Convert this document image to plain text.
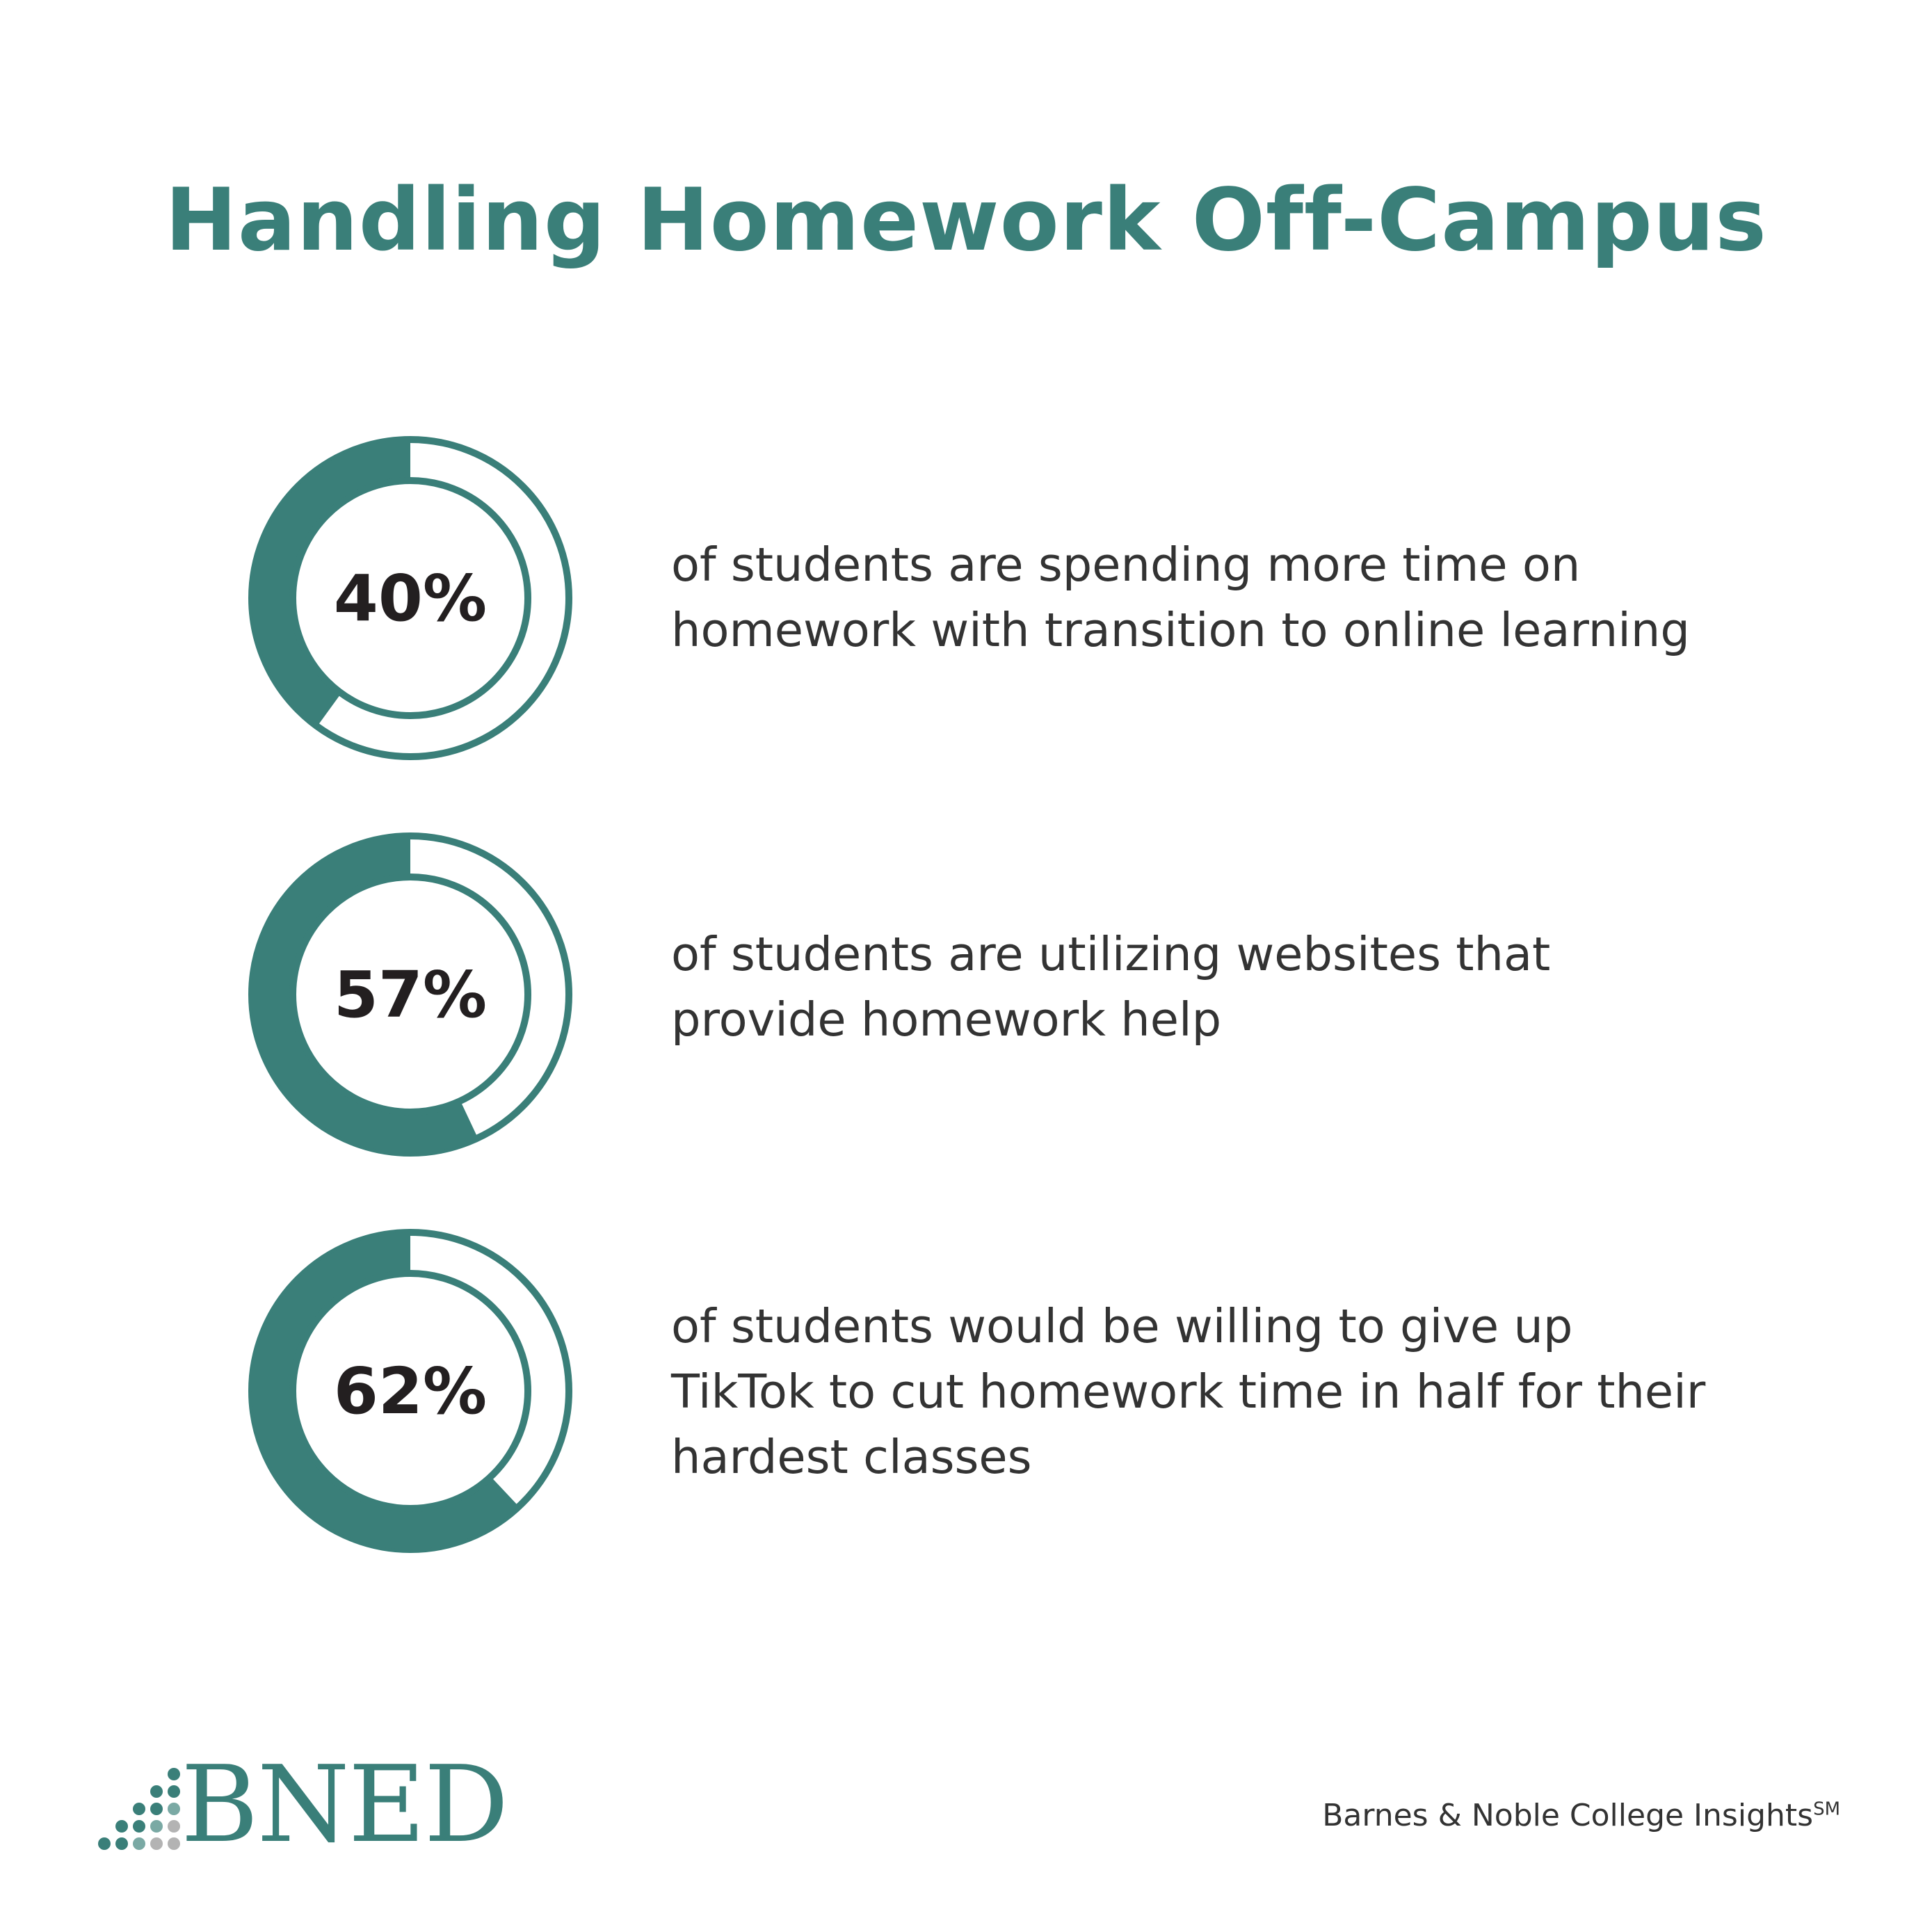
Handling Homework Off-Campus
40%	of students are spending more time on
homework with transition to online learning
57%
of students are utilizing websites that
provide homework help
62%
of students would be willing to give up
TikTok to cut homework time in half for their
hardest classes
BNED	Barnes & Noble College Insights℠
